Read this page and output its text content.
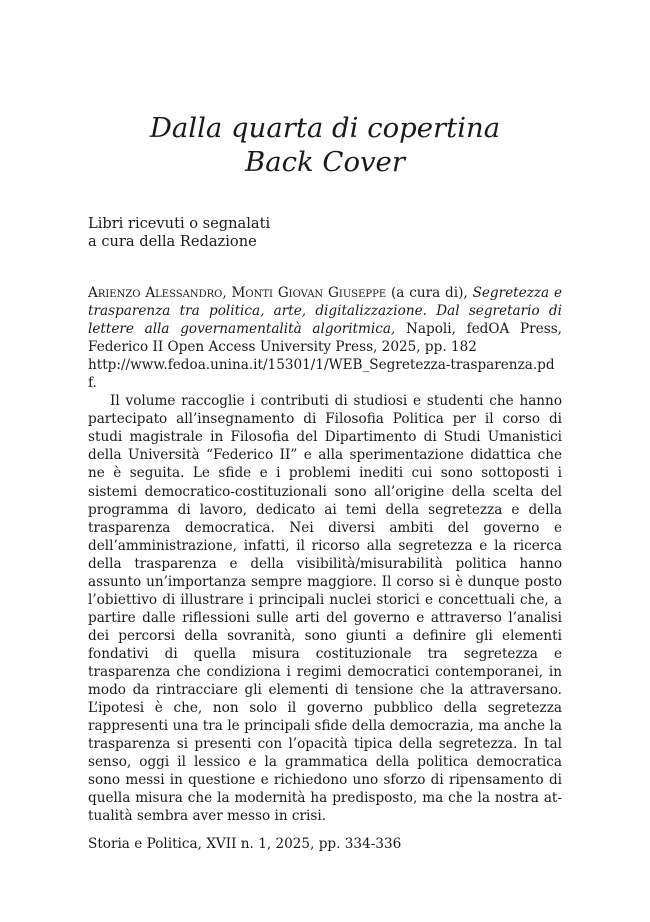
Dalla quarta di copertina
Back Cover
Libri ricevuti o segnalati
a cura della Redazione
Arienzo Alessandro, Monti Giovan Giuseppe (a cura di), Segretezza e trasparenza tra politica, arte, digitalizzazione. Dal segretario di lettere alla governamentalità algoritmica, Napoli, fedOA Press, Federico II Open Access University Press, 2025, pp. 182
http://www.fedoa.unina.it/15301/1/WEB_Segretezza-trasparenza.pdf.

Il volume raccoglie i contributi di studiosi e studenti che hanno partecipato all’insegnamento di Filosofia Politica per il corso di studi magistrale in Filosofia del Dipartimento di Studi Umanistici della Università “Federico II” e alla sperimentazione didattica che ne è seguita. Le sfide e i problemi inediti cui sono sottoposti i sistemi democratico-costituzionali sono all’origine della scelta del programma di lavoro, dedicato ai temi della segretezza e della trasparenza democratica. Nei diversi ambiti del governo e dell’amministrazione, infatti, il ricorso alla segretezza e la ricerca della trasparenza e della visibilità/misurabilità politica hanno assunto un’importanza sempre maggiore. Il corso si è dunque posto l’obiettivo di illustrare i principali nuclei storici e concettuali che, a partire dalle riflessioni sulle arti del governo e attraverso l’analisi dei percorsi della sovranità, sono giunti a definire gli elementi fondativi di quella misura costituzionale tra segretezza e trasparenza che condiziona i regimi democratici contemporanei, in modo da rintracciare gli elementi di tensione che la attraversano. L’ipotesi è che, non solo il governo pubblico della segretezza rappresenti una tra le principali sfide della democrazia, ma anche la trasparenza si presenti con l’opacità tipica della segretezza. In tal senso, oggi il lessico e la grammatica della politica democratica sono messi in questione e richiedono uno sforzo di ripensamento di quella misura che la modernità ha predisposto, ma che la nostra attualità sembra aver messo in crisi.

Storia e Politica, XVII n. 1, 2025, pp. 334-336
